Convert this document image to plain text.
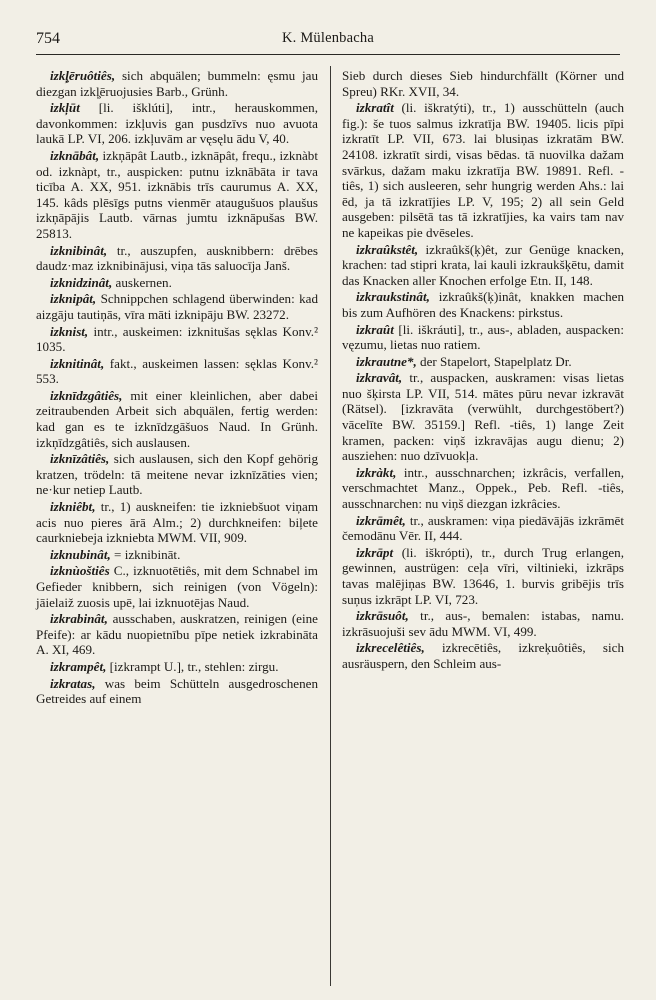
754	K. Mülenbacha

izkļ̧ēruôtiês, sich abquälen; bummeln: ęsmu jau diezgan izkļ̧ēruojusies Barb., Grünh.

izkļūt [li. išklúti], intr., herauskommen, davonkommen: izkļuvis gan pusdzīvs nuo avuota laukā LP. VI, 206. izkļuvām ar vęsęlu ādu V, 40.

izknābât, izkņāpât Lautb., izknāpât, frequ., izknàbt od. izknàpt, tr., auspicken: putnu izknābāta ir tava ticība A. XX, 951. izknābis trīs caurumus A. XX, 145. kâds plēsīgs putns vienmēr ataugušuos plaušus izkņāpājis Lautb. vārnas jumtu izknāpušas BW. 25813.

izknibinât, tr., auszupfen, ausknibbern: drēbes daudz·maz izknibinājusi, viņa tās saluocīja Janš.

izknidzinât, auskernen.

izknipât, Schnippchen schlagend überwinden: kad aizgāju tautiņās, vīra māti izknipāju BW. 23272.

izknist, intr., auskeimen: izknitušas sęklas Konv.² 1035.

izknitinât, fakt., auskeimen lassen: sęklas Konv.² 553.

izknīdzgâtiês, mit einer kleinlichen, aber dabei zeitraubenden Arbeit sich abquälen, fertig werden: kad gan es te izknīdzgāšuos Naud. In Grünh. izkņīdzgâtiês, sich auslausen.

izknīzâtiês, sich auslausen, sich den Kopf gehörig kratzen, trödeln: tā meitene nevar izknīzāties vien; ne·kur netiep Lautb.

izkniêbt, tr., 1) auskneifen: tie izkniebšuot viņam acis nuo pieres ārā Alm.; 2) durchkneifen: biļete caurkniebeja izkniebta MWM. VII, 909.

izknubinât, = izknibināt.

izknùoštiês C., izknuotētiês, mit dem Schnabel im Gefieder knibbern, sich reinigen (von Vögeln): jāielaiž zuosis upē, lai izknuotējas Naud.

izkrabinât, ausschaben, auskratzen, reinigen (eine Pfeife): ar kādu nuopietnību pīpe netiek izkrabināta A. XI, 469.

izkrampêt, [izkrampt U.], tr., stehlen: zirgu.

izkratas, was beim Schütteln ausgedroschenen Getreides auf einem

Sieb durch dieses Sieb hindurchfällt (Körner und Spreu) RKr. XVII, 34.

izkratît (li. iškratýti), tr., 1) ausschütteln (auch fig.): še tuos salmus izkratīja BW. 19405. licis pīpi izkratīt LP. VII, 673. lai blusiņas izkratām BW. 24108. izkratīt sirdi, visas bēdas. tā nuovilka dažam svārkus, dažam maku izkratīja BW. 19891. Refl. -tiês, 1) sich ausleeren, sehr hungrig werden Ahs.: lai ēd, ja tā izkratījies LP. V, 195; 2) all sein Geld ausgeben: pilsētā tas tā izkratījies, ka vairs tam nav ne kapeikas pie dvēseles.

izkraûkstêt, izkraûkš(ķ)êt, zur Genüge knacken, krachen: tad stipri krata, lai kauli izkraukšķētu, damit das Knacken aller Knochen erfolge Etn. II, 148.

izkraukstinât, izkraûkš(ķ)inât, knakken machen bis zum Aufhören des Knackens: pirkstus.

izkraût [li. iškráuti], tr., aus-, abladen, auspacken: vęzumu, lietas nuo ratiem.

izkrautne*, der Stapelort, Stapelplatz Dr.

izkravât, tr., auspacken, auskramen: visas lietas nuo šķirsta LP. VII, 514. mātes pūru nevar izkravāt (Rätsel). [izkravāta (verwühlt, durchgestöbert?) vācelīte BW. 35159.] Refl. -tiês, 1) lange Zeit kramen, packen: viņš izkravājas augu dienu; 2) ausziehen: nuo dzīvuokļa.

izkràkt, intr., ausschnarchen; izkrâcis, verfallen, verschmachtet Manz., Oppek., Peb. Refl. -tiês, ausschnarchen: nu viņš diezgan izkrâcies.

izkrāmêt, tr., auskramen: viņa piedāvājās izkrāmēt čemodānu Vēr. II, 444.

izkrāpt (li. iškrópti), tr., durch Trug erlangen, gewinnen, austrügen: ceļa vīri, viltinieki, izkrāps tavas malējiņas BW. 13646, 1. burvis gribējis trīs suņus izkrāpt LP. VI, 723.

izkrāsuôt, tr., aus-, bemalen: istabas, namu. izkrāsuojuši sev ādu MWM. VI, 499.

izkrecelêtiês, izkrecētiês, izkreķuôtiês, sich ausräuspern, den Schleim aus-
